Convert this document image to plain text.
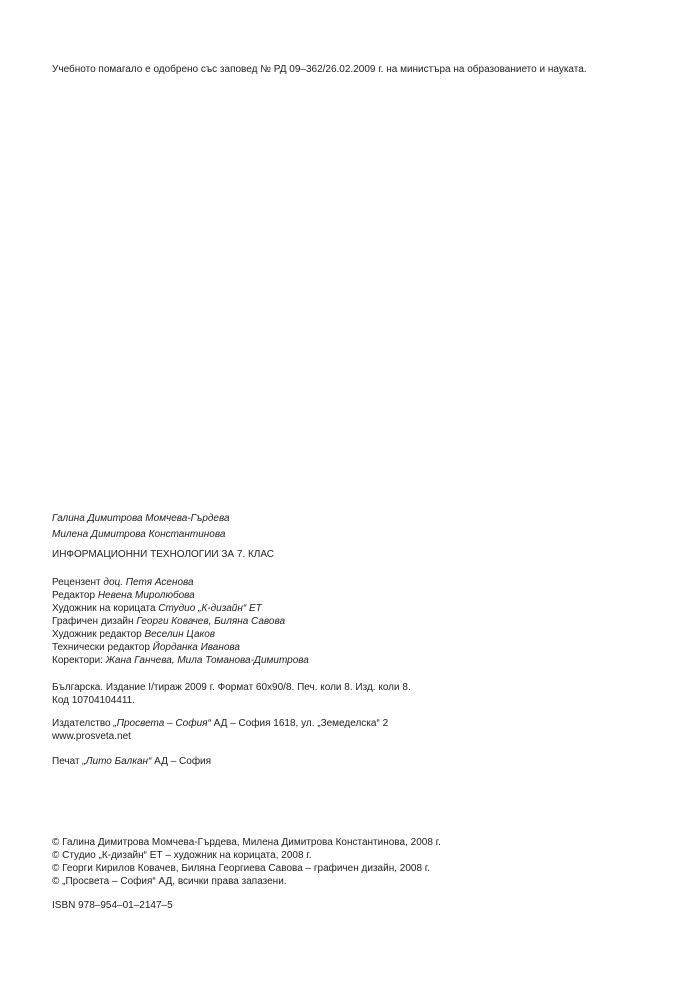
Учебното помагало е одобрено със заповед № РД 09–362/26.02.2009 г. на министъра на образованието и науката.
Галина Димитрова Момчева-Гърдева
Милена Димитрова Константинова
ИНФОРМАЦИОННИ ТЕХНОЛОГИИ ЗА 7. КЛАС
Рецензент доц. Петя Асенова
Редактор Невена Миролюбова
Художник на корицата Студио „К-дизайн“ ЕТ
Графичен дизайн Георги Ковачев, Биляна Савова
Художник редактор Веселин Цаков
Технически редактор Йорданка Иванова
Коректори: Жана Ганчева, Мила Томанова-Димитрова
Българска. Издание I/тираж 2009 г. Формат 60х90/8. Печ. коли 8. Изд. коли 8.
Код 10704104411.
Издателство „Просвета – София“ АД – София 1618, ул. „Земеделска“ 2
www.prosveta.net
Печат „Лито Балкан“ АД – София
© Галина Димитрова Момчева-Гърдева, Милена Димитрова Константинова, 2008 г.
© Студио „К-дизайн“ ЕТ – художник на корицата, 2008 г.
© Георги Кирилов Ковачев, Биляна Георгиева Савова – графичен дизайн, 2008 г.
© „Просвета – София“ АД, всички права запазени.
ISBN 978–954–01–2147–5
